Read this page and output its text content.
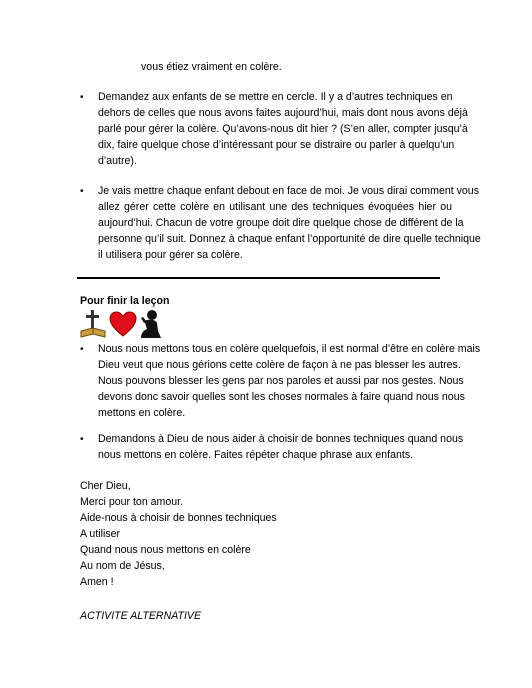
vous étiez vraiment en colère.
• Demandez aux enfants de se mettre en cercle. Il y a d’autres techniques en
dehors de celles que nous avons faites aujourd’hui, mais dont nous avons déjà
parlé pour gérer la colère. Qu’avons-nous dit hier ? (S’en aller, compter jusqu’à
dix, faire quelque chose d’intéressant pour se distraire ou parler à quelqu’un
d’autre).
• Je vais mettre chaque enfant debout en face de moi. Je vous dirai comment vous
allez gérer cette colère en utilisant une des techniques évoquées hier ou
aujourd’hui. Chacun de votre groupe doit dire quelque chose de différent de la
personne qu’il suit. Donnez à chaque enfant l’opportunité de dire quelle technique
il utilisera pour gérer sa colère.
Pour finir la leçon
• Nous nous mettons tous en colère quelquefois, il est normal d’être en colère mais
Dieu veut que nous gérions cette colère de façon à ne pas blesser les autres.
Nous pouvons blesser les gens par nos paroles et aussi par nos gestes. Nous
devons donc savoir quelles sont les choses normales à faire quand nous nous
mettons en colère.
• Demandons à Dieu de nous aider à choisir de bonnes techniques quand nous
nous mettons en colère. Faites répéter chaque phrase aux enfants.
Cher Dieu,
Merci pour ton amour.
Aide-nous à choisir de bonnes techniques
A utiliser
Quand nous nous mettons en colère
Au nom de Jésus,
Amen !
ACTIVITE ALTERNATIVE
